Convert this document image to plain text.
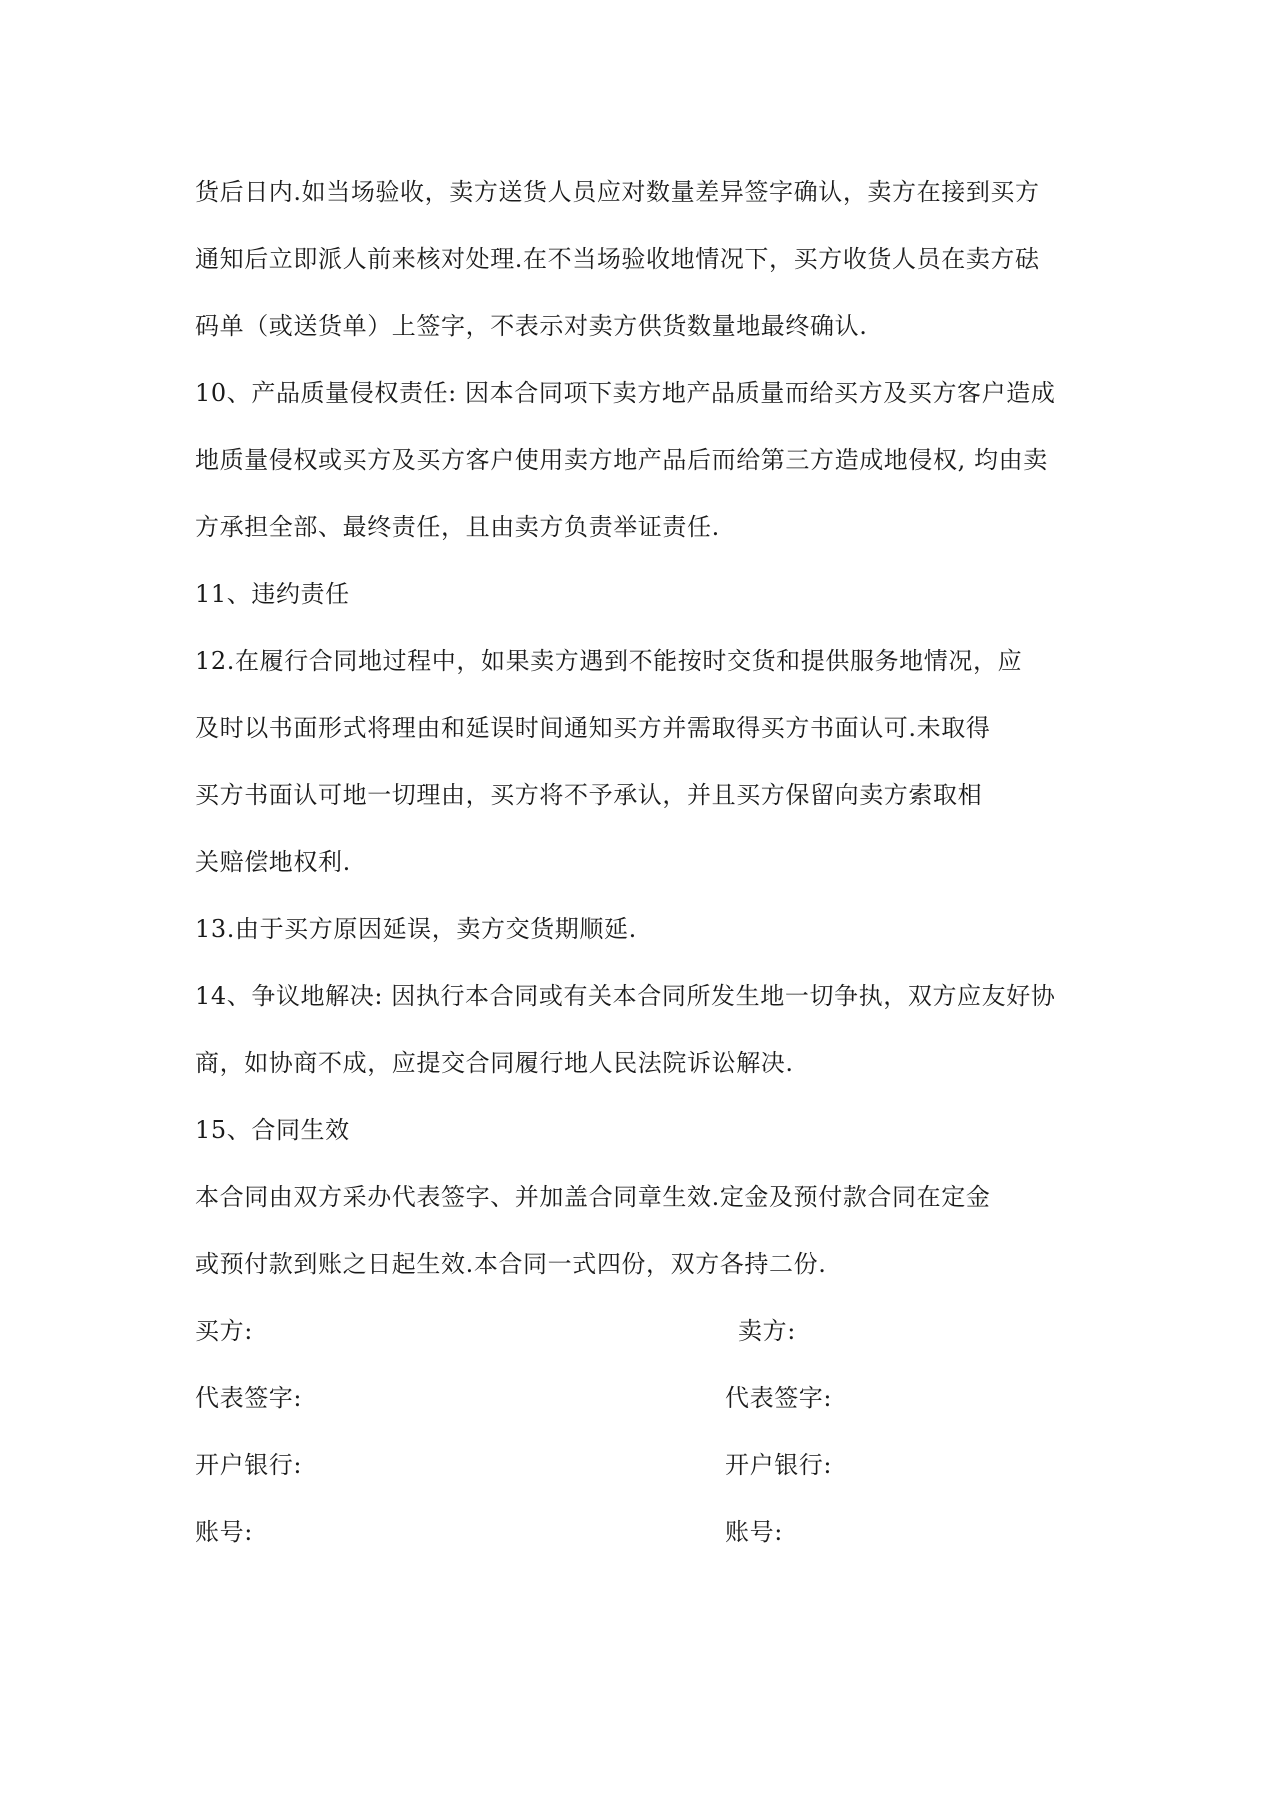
货后日内.如当场验收，卖方送货人员应对数量差异签字确认，卖方在接到买方
通知后立即派人前来核对处理.在不当场验收地情况下，买方收货人员在卖方砝
码单（或送货单）上签字，不表示对卖方供货数量地最终确认.
10、产品质量侵权责任: 因本合同项下卖方地产品质量而给买方及买方客户造成
地质量侵权或买方及买方客户使用卖方地产品后而给第三方造成地侵权, 均由卖
方承担全部、最终责任，且由卖方负责举证责任.
11、违约责任
12.在履行合同地过程中，如果卖方遇到不能按时交货和提供服务地情况，应
及时以书面形式将理由和延误时间通知买方并需取得买方书面认可.未取得
买方书面认可地一切理由，买方将不予承认，并且买方保留向卖方索取相
关赔偿地权利.
13.由于买方原因延误，卖方交货期顺延.
14、争议地解决: 因执行本合同或有关本合同所发生地一切争执，双方应友好协
商，如协商不成，应提交合同履行地人民法院诉讼解决.
15、合同生效
本合同由双方采办代表签字、并加盖合同章生效.定金及预付款合同在定金
或预付款到账之日起生效.本合同一式四份，双方各持二份.
买方:	卖方:
代表签字:	代表签字:
开户银行:	开户银行:
账号:	账号:
